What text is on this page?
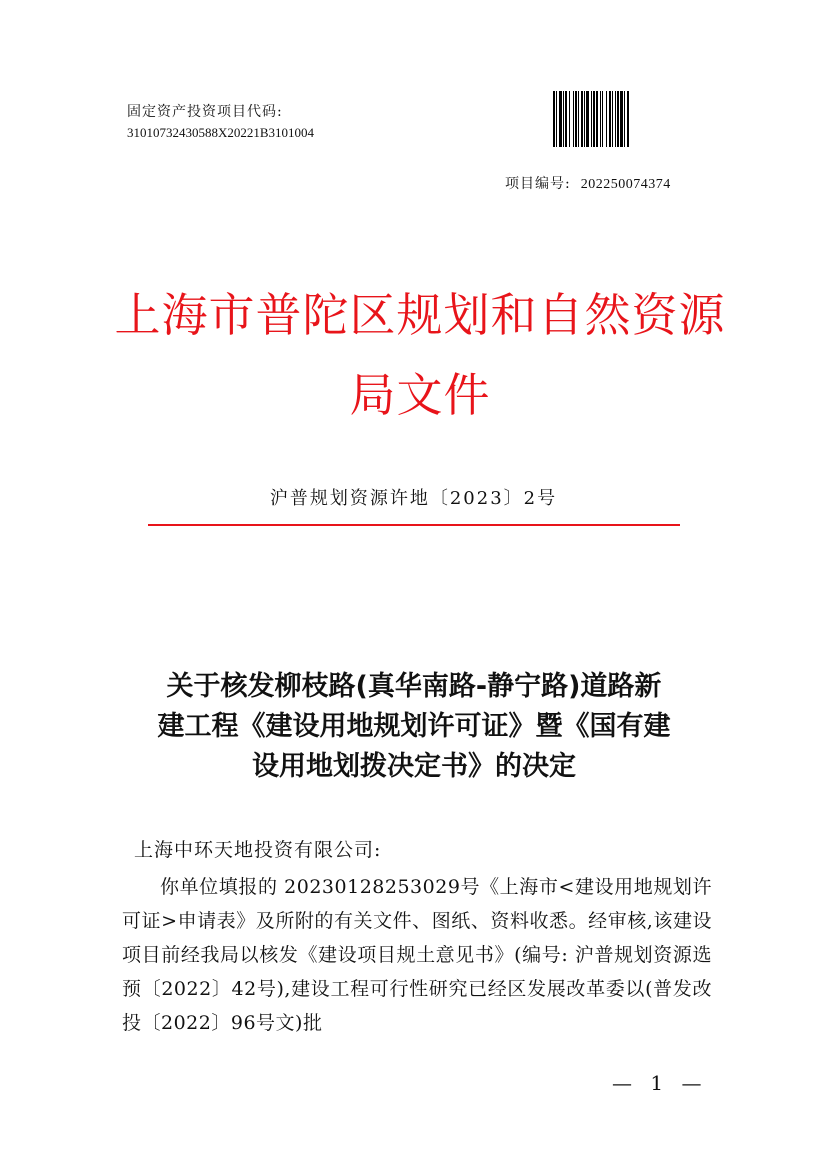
固定资产投资项目代码:
31010732430588X20221B3101004
项目编号: 202250074374
上海市普陀区规划和自然资源
局文件
沪普规划资源许地〔2023〕2号
关于核发柳枝路(真华南路-静宁路)道路新
建工程《建设用地规划许可证》暨《国有建
设用地划拨决定书》的决定
上海中环天地投资有限公司:
你单位填报的 20230128253029号《上海市<建设用地规划许可证>申请表》及所附的有关文件、图纸、资料收悉。经审核,该建设项目前经我局以核发《建设项目规土意见书》(编号: 沪普规划资源选预〔2022〕42号),建设工程可行性研究已经区发展改革委以(普发改投〔2022〕96号文)批
— 1 —
